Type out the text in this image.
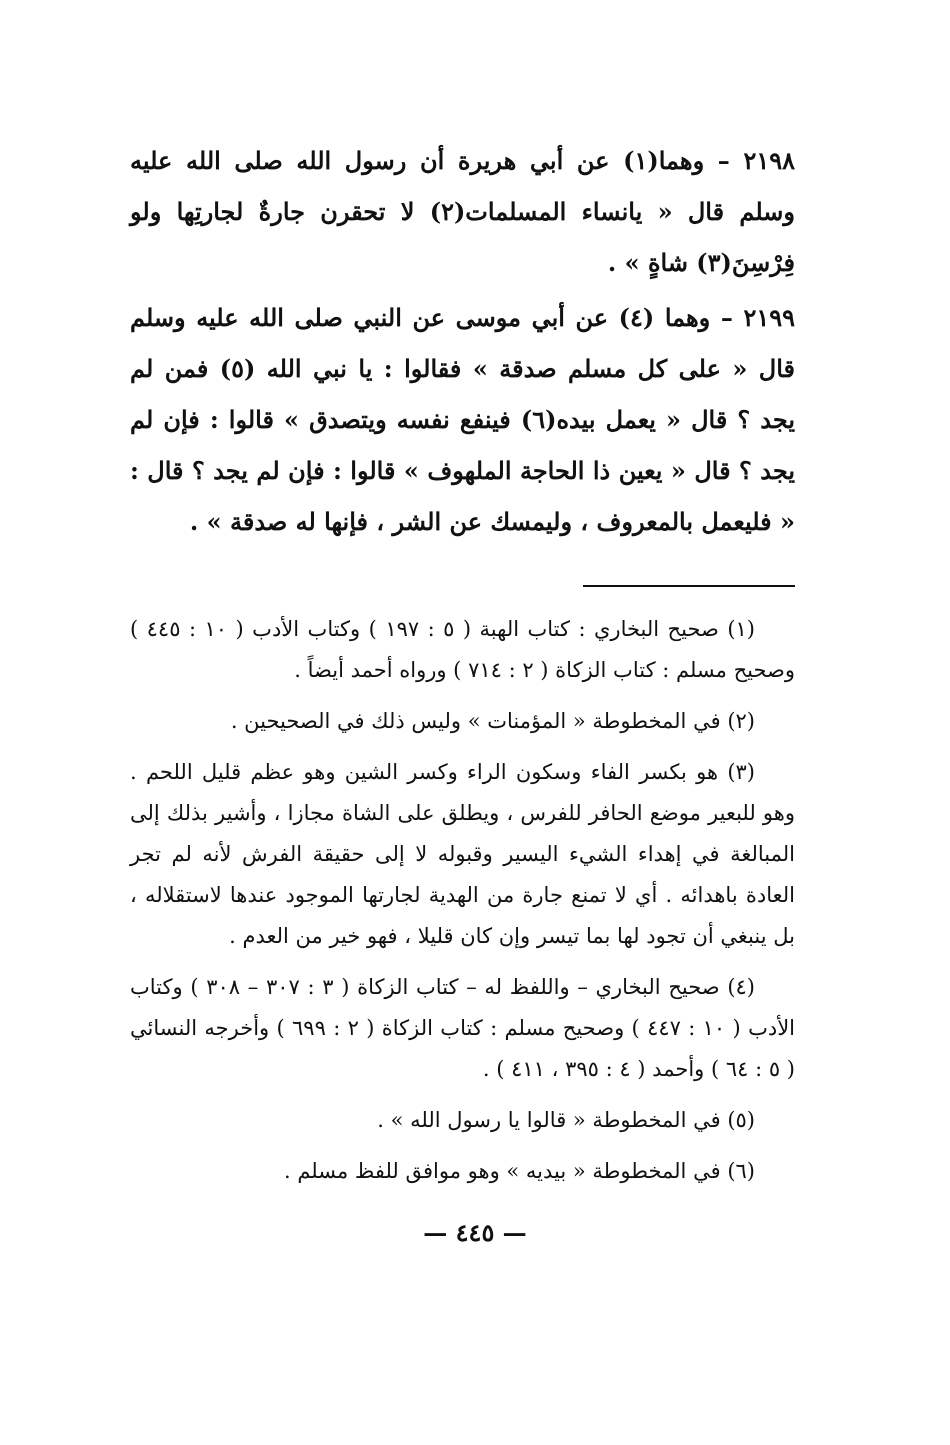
٢١٩٨ – وهما(١) عن أبي هريرة أن رسول الله صلى الله عليه وسلم قال « يانساء المسلمات(٢) لا تحقرن جارةٌ لجارتِها ولو فِرْسِنَ(٣) شاةٍ » .

٢١٩٩ – وهما (٤) عن أبي موسى عن النبي صلى الله عليه وسلم قال « على كل مسلم صدقة » فقالوا : يا نبي الله (٥) فمن لم يجد ؟ قال « يعمل بيده(٦) فينفع نفسه ويتصدق » قالوا : فإن لم يجد ؟ قال « يعين ذا الحاجة الملهوف » قالوا : فإن لم يجد ؟ قال : « فليعمل بالمعروف ، وليمسك عن الشر ، فإنها له صدقة » .

(١) صحيح البخاري : كتاب الهبة ( ٥ : ١٩٧ ) وكتاب الأدب ( ١٠ : ٤٤٥ ) وصحيح مسلم : كتاب الزكاة ( ٢ : ٧١٤ ) ورواه أحمد أيضاً .

(٢) في المخطوطة « المؤمنات » وليس ذلك في الصحيحين .

(٣) هو بكسر الفاء وسكون الراء وكسر الشين وهو عظم قليل اللحم . وهو للبعير موضع الحافر للفرس ، ويطلق على الشاة مجازا ، وأشير بذلك إلى المبالغة في إهداء الشيء اليسير وقبوله لا إلى حقيقة الفرش لأنه لم تجر العادة باهدائه . أي لا تمنع جارة من الهدية لجارتها الموجود عندها لاستقلاله ، بل ينبغي أن تجود لها بما تيسر وإن كان قليلا ، فهو خير من العدم .

(٤) صحيح البخاري – واللفظ له – كتاب الزكاة ( ٣ : ٣٠٧ – ٣٠٨ ) وكتاب الأدب ( ١٠ : ٤٤٧ ) وصحيح مسلم : كتاب الزكاة ( ٢ : ٦٩٩ ) وأخرجه النسائي ( ٥ : ٦٤ ) وأحمد ( ٤ : ٣٩٥ ، ٤١١ ) .

(٥) في المخطوطة « قالوا يا رسول الله » .

(٦) في المخطوطة « بيديه » وهو موافق للفظ مسلم .

— ٤٤٥ —
